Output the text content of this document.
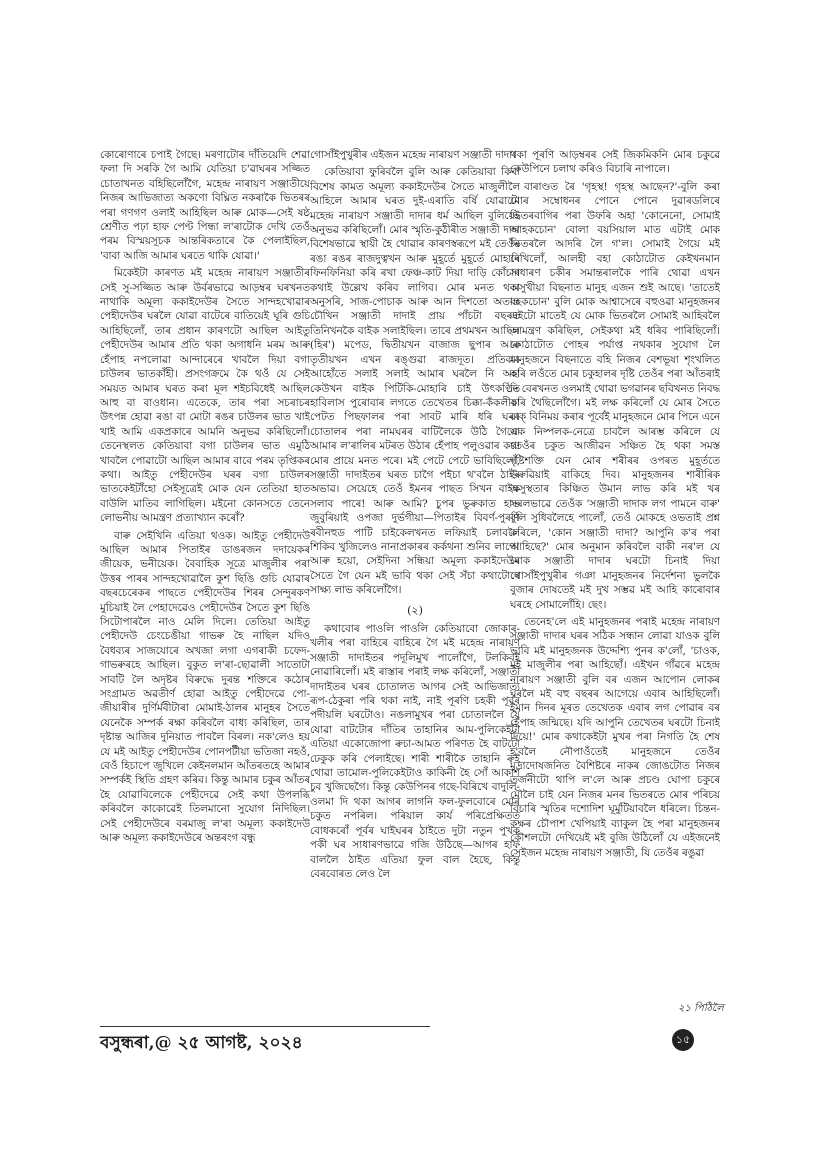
কোৰোণাৰে চপাই গৈছে। মৰণাটোৰ দাঁতিয়েদি শেৱা ফলা দি সৰকি গৈ আমি যেতিয়া চ'ৱাঘৰৰ সজ্জিত চোতাখনত বহিছিলোঁগৈ, মহেন্দ্ৰ নাৰায়ণ সঞ্জাতীয়ে নিজৰ আভিজাত্য অকণো বিঘ্নিত নকৰাকৈ ভিতৰৰ পৰা গণগণ ওলাই আহিছিল আৰু মোক—সেই ষষ্ঠ শ্ৰেণীত পঢ়া হাফ পেণ্ট পিন্ধা ল'ৰাটোক দেখি তেওঁ পৰম বিস্ময়সূচক আন্তৰিকতাৰে কৈ পেলাইছিল, 'বাবা আজি আমাৰ ঘৰতে থাকি যোৱা।'

মিকেইটা কাৰণত মই মহেন্দ্ৰ নাৰায়ণ সঞ্জাতীৰ সেই সু-সজ্জিত আৰু উৰ্বৰভাৱে আড়ম্বৰ ঘৰখনত নাথাকি অমূল্য ককাইদেউৰ সৈতে সান্দহখোৱাৰ পেহীদেউৰ ঘৰলৈ যোৱা বাটেৰে বাতিয়েই ঘূৰি গুচি আহিছিলোঁ, তাৰ প্ৰধান কাৰণটো আছিল আইতু পেহীদেউৰ আমাৰ প্ৰতি থকা অগাধনি মৰম আৰু হেঁপাহ নপলোৱা আন্দাৰেৰে খাবলৈ দিয়া বগা চাউলৰ ভাতকাঁহী। প্ৰসংগক্ৰমে কৈ থওঁ যে সেই সময়ত আমাৰ ঘৰত কৰা মূল শইচবিধেই আছিল আহু বা বাওধান। এতেকে, তাৰ পৰা সচৰাচৰ উৎপন্ন হোৱা ৰঙা বা মোটা ৰঙৰ চাউলৰ ভাত খাই খাই আমি একপ্ৰকাৰে আমনি অনুভৱ কৰিছিলোঁ। তেনেস্থলত কেতিয়াবা বগা চাউলৰ ভাত এমুঠি খাবলৈ পোৱাটো আছিল আমাৰ বাবে পৰম তৃপ্তিকৰ কথা। আইতু পেহীদেউৰ ঘৰৰ বগা চাউলৰ ভাতকেইটাঁহো সেইসূত্ৰেই মোক যেন তেতিয়া হাত বাউলি মাতিব লাগিছিল। মইনো কোনসতে তেনে লোভনীয় আমন্ত্ৰণ প্ৰত্যাখ্যান কৰোঁ?

বাৰু সেইখিনি এতিয়া থওক। আইতু পেহীদেউ আছিল আমাৰ পিতাইৰ ডাঙৰজন দদায়েকৰ জীয়েক, ভনীয়েক। বৈবাহিক সূত্ৰে মাজুলীৰ পৰা উত্তৰ পাৰৰ সান্দহখোৱালৈ কুশ ছিঙি গুচি যোৱাৰ বছৰচেৰেকৰ পাছতে পেহীদেউৰ শিৰৰ সেন্দুৰকণ মুচিয়াই লৈ পেহাদেৱেও পেহীদেউৰ সৈতে কুশ ছিঙি সিটোপাৰলৈ নাও মেলি দিলে। তেতিয়া আইতু পেহীদেউ চেংচেঙীয়া গাভৰু হৈ নাছিল যদিও বৈধব্যৰ সাজযোৰে অখজা লগা এগৰাকী চফেদ-গাভৰুৰহে আছিল। বুকুত ল'ৰা-ছোৱালী সাতোটা সাবটি লৈ অদৃষ্টৰ বিৰুদ্ধে দুৰন্ত শক্তিৰে কঠোৰ সংগ্ৰামত অৱতীৰ্ণ হোৱা আইতু পেহীদেৱে পো-জীয়াৰীৰ দুৰ্ণিৰ্মবীটাৰা মোমাই-ঠালৰ মানুহৰ সৈতে যেনেকৈ সম্পৰ্ক ৰক্ষা কৰিবলৈ বাধ্য কৰিছিল, তাৰ দৃষ্টান্ত আজিৰ দুনিয়াত পাবলৈ বিৰল। নক'লেও হয় যে মই আইতু পেহীদেউৰ পোনপটীয়া ভতিজা নহওঁ, বেওঁ হিচাপে জুখিলে কেইনলমান আঁতৰতহে আমাৰ সম্পৰ্কই স্থিতি গ্ৰহণ কৰিব। কিন্তু আমাৰ চকুৰ আঁতৰ হৈ যোৱাবিলেকে পেহীদেৱে সেই কথা উপলব্ধি কৰিবলৈ কাকোৱেই তিলমানো সুযোগ নিদিছিল। সেই পেহীদেউৰে বৰমাজু ল'ৰা অমূল্য ককাইদেউ আৰু অমূল্য ককাইদেউৰে অন্তৰংগ বন্ধু

গোসাঁইপুখুৰীৰ এইজন মহেন্দ্ৰ নাৰায়ণ সঞ্জাতী দাদা।

কেতিয়াবা ফুৰিবলৈ বুলি আৰু কেতিয়াবা কিবা বিশেষ কামত অমূল্য ককাইদেউৰ সৈতে মাজুলীলৈ আহিলে আমাৰ ঘৰত দুই-এৰাতি বৰ্ষি যোৱাটো মহেন্দ্ৰ নাৰায়ণ সঞ্জাতী দাদাৰ ধৰ্ম আছিল বুলিয়েই অনুভৱ কৰিছিলোঁ। মোৰ স্মৃতি-কুঠীৰীত সঞ্জাতী দাদা বিশেষভাৱে স্থায়ী হৈ থোৱাৰ কাৰণস্বৰূপে মই তেওঁৰ ৰঙা ৰঙৰ ৰাজদুত্বখন আৰু মুহূৰ্তে মুহূৰ্তে মোহাৰি ফিনফিনিয়া কৰি ৰখা ফেঞ্চ-কাট দিয়া দাড়ি কোঁচাৰ কথাই উল্লেখ কৰিব লাগিব। মোৰ মনত থকা অনুসৰি, সাজ-পোচাক আৰু আন দিশতো অতান্ত চৌখিন সঞ্জাতী দাদাই প্ৰায় পাঁচটা বছৰত তিনিখনকৈ বাইক সলাইছিল। তাৰে প্ৰথমখন আছিল (হিৰ') মপেড, দ্বিতীয়খন বাজাজ ছুপাৰ আৰু তৃতীয়খন এখন ৰঙ্গুৱা ৰাজদূত। প্ৰতিবাৰ আহোঁতে সলাই সলাই আমাৰ ঘৰলৈ নি অহা কেউখন বাইক পিটিকি-মোহাৰি চাই উৎকণ্ঠিত হাবিলাস পুৰোবাৰ লগতে তেখেতৰ চিক্কা-কঁকলীয়া পেটত পিছফালৰ পৰা সাবট মাৰি ধৰি ঘৰৰ চোতালৰ পৰা নামঘৰৰ বাটিলৈকে উঠি গৈয়ো আমাৰ ল'ৰালিৰ মটৰত উঠাৰ হেঁপাহ পলুওৱাৰ কথা মোৰ প্ৰায়ে মনত পৰে। মই পেটে পেটে ভাবিছিলোঁ, সঞ্জাতী দাদাইতৰ ঘৰত চাগৈ পইচা থ'বলৈ ঠাইৰ অভাৱ। সেয়েহে তেওঁ ইমনৰ পাছত সিখন বাইক সলাব পাৰে! আৰু আমি? চুপৰ ভুৰুকাত হাত জুবুৰিয়াই ওপজা দুৰ্ভগীয়া—পিতাইৰ বিবৰ্ণ-পুৰণি ৰবীনহুড পাটি চাইকেলখনত লফিয়াই চলাবলৈ শিকিব খুজিলেও নানাপ্ৰকাৰৰ কৰ্কথনা শুনিব লাগে! আৰু হয়ো, সেইদিনা সন্ধিয়া অমূল্য ককাইদেউৰ সৈতে গৈ যেন মই ভাবি থকা সেই সঁচা কথাটোৰে সাক্ষ্য লাভ কৰিলোঁগৈ।

(২)

কথাবোৰ পাওলি পাওলি কেতিয়াবো জোকাৰ-খলীৰ পৰা বাহিৰে বাহিৰে গৈ মই মহেন্দ্ৰ নাৰায়ণ সঞ্জাতী দাদাইতৰ পদূলিমুখ পালোঁগৈ, টলকিবই নোৱাৰিলোঁ। মই ৰাস্তাৰ পৰাই লক্ষ কৰিলোঁ, সঞ্জাতী দাদাইতৰ ঘৰৰ চোতালত আগৰ সেই আভিজাত্য ৰূপ-ঠেকুৰা পৰি থকা নাই, নাই পূৰণি চহকী পূৰ্বৰ পদীয়লি ঘৰটোও। নঙলামুখৰ পৰা চোতাললৈ যৈ যোৱা বাটটোৰ দাঁতিৰ তাহানিৰ আম-পুলিকেইটা এতিয়া একোজোপা ৰুচা-আমত পৰিণত হৈ বাটটো ঢেকুক কৰি পেলাইছে। শাৰী শাৰীকৈ তাহানি ৰুই থোৱা তামোল-পুলিকেইটাও কাকিনী হৈ সোঁ আকাশ চুব খুজিছেগৈ। কিন্তু কেউপিনৰ গছে-বিৰিখে বাদুলি-ওলমা দি থকা আগৰ লাগনি ফল-ফুলবোৰে মোৰ চকুত নপৰিল। পৰিয়াল কাৰ্য পৰিপ্ৰেক্ষিতত বোধকৰোঁ পূৰ্বৰ ঘাইঘৰৰ ঠাইতে দুটা নতুন পুখক পকী ঘৰ সাধাৰণভাৱে গজি উঠিছে—আগৰ হাফ বাললৈ ঠাইত এতিয়া ফুল বাল হৈছে, কিন্তু বেৰবোৰত লেও লৈ

থকা পূৰণি আড়ম্বৰৰ সেই জিকমিকনি মোৰ চকুৱে কেউপিনে চলাথ কৰিও বিচাৰি নাপালে।

বাৰাণ্ডত ৰৈ 'গৃহস্থ! গৃহস্থ আছেন?'-বুলি কৰা মোৰ সম্বোধনৰ পোনে পোনে দুৱাৰডলিৰে ভিতৰবাগিৰ পৰা উফৰি অহা 'কোনেনো, সোমাই আহকচোন' বোলা বয়সিয়াল মাত এটাই মোক ভিতৰলৈ আদৰি লৈ গ'ল। সোমাই গৈয়ে মই দেখিলোঁ, আলহী বহা কোঠাটোত কেইখনমান সাধাৰণ চকীৰ সমান্তৰালকৈ পাৰি থোৱা এখন অসুখীয়া বিছনাত মানুহ এজন শুই আছে। 'তাতেই বহকচোন' বুলি মোক আশ্বাসেৰে বহুওৱা মানুহজনৰ এইটো মাতেই যে মোক ভিতৰলৈ সোমাই আহিবলৈ আমন্ত্ৰণ কৰিছিল, সেইকথা মই ধৰিব পাৰিছিলোঁ। কোঠাটোত পোহৰ পৰ্যাপ্ত নথকাৰ সুযোগ লৈ মানুহজনে বিছনাতে বহি নিজৰ বেশভূষা শৃংখলিত কৰি লওঁতে মোৰ চকুহালৰ দৃষ্টি তেওঁৰ পৰা আঁতৰাই দি বেৰখনত ওলমাই থোৱা ভগৱানৰ ছবিখনত নিবদ্ধ কৰি থৈছিলোঁগৈ। মই লক্ষ কৰিলোঁ যে মোৰ সৈতে বাক্ বিনিময় কৰাৰ পূৰ্বেই মানুহজনে মোৰ পিনে এনে এক নিষ্পলক-নেত্ৰে চাবলৈ আৰম্ভ কৰিলে যে তেওঁৰ চকুত আজীৱন সঞ্চিত হৈ থকা সমস্ত দৃষ্টিশক্তি যেন মোৰ শৰীৰৰ ওপৰত মুহূৰ্ততে উৰুৱিয়াই বাকিহে দিব। মানুহজনৰ শাৰীৰিক অসুস্থতাৰ কিঞ্চিত উমান লাভ কৰি মই খৰ সৰলভাৱে তেওঁক 'সঞ্জাতী দাদাক লগ পামনে বাৰু' বুলি সুধিবলৈহে পালোঁ, তেওঁ মোকহে ওভতাই প্ৰশ্ন কৰিলে, 'কোন সঞ্জাতী দাদা? আপুনি ক'ৰ পৰা আহিছে?' মোৰ অনুমান কৰিবলৈ বাকী নৰ'ল যে মোক সঞ্জাতী দাদাৰ ঘৰটো চিনাই দিয়া গোসাঁইপুখুৰীৰ গঞা মানুহজনৰ নিৰ্দেশনা ভুলকৈ বুজাৰ দোষতেই মই দুখ সম্ভৱ মই আহি কাৰোবাৰ ঘৰহে সোমালোঁহি। ছেং।

তেনেহ'লে এই মানুহজনৰ পৰাই মহেন্দ্ৰ নাৰায়ণ সঞ্জাতী দাদাৰ ঘৰৰ সঠিক সন্ধান লোৱা যাওক বুলি ভাবি মই মানুহজনক উদ্দেশ্যি পুনৰ ক'লোঁ, 'চাওক, মই মাজুলীৰ পৰা আহিছোঁ। এইখন গাঁৱৰে মহেন্দ্ৰ নাৰায়ণ সঞ্জাতী বুলি বৰ এজন আপোন লোকৰ ঘৰলৈ মই বহু বছৰৰ আগেয়ে এবাৰ আহিছিলোঁ। ইমান দিনৰ মূৰত তেখেতক এবাৰ লগ পোৱাৰ বৰ হেঁপাহ জন্মিছে। যদি আপুনি তেখেতৰ ঘৰটো চিনাই দিয়ে!' মোৰ কথাকেইটা মুখৰ পৰা নিগতি হৈ শেষ হ'বলৈ নৌপাওঁতেই মানুহজনে তেওঁৰ মুদ্ৰাদোষজনিত বৈশিষ্টৰে নাকৰ জোঙটোত নিজৰ তৰ্জনীটো থাপি ল'লে আৰু প্ৰচণ্ড ঘোপা চকুৰে মৌলৈ চাই যেন নিজৰ মনৰ ভিতৰতে মোৰ পৰিচয় বিচাৰি স্মৃতিৰ দশোদিশ ঘূৰ্মুটিয়াবলৈ ধৰিলে। চিন্তন-কক্ষৰ চৌপাশ খেপিয়াই ব্যাকুল হৈ পৰা মানুহজনৰ কৌশলটো দেখিয়েই মই বুজি উঠিলোঁ যে এইজনেই সেইজন মহেন্দ্ৰ নাৰায়ণ সঞ্জাতী, যি তেওঁৰ ৰঙুৱা

২১ পিঠিলৈ
বসুন্ধৰা,@ ২৫ আগষ্ট, ২০২৪	১৫
